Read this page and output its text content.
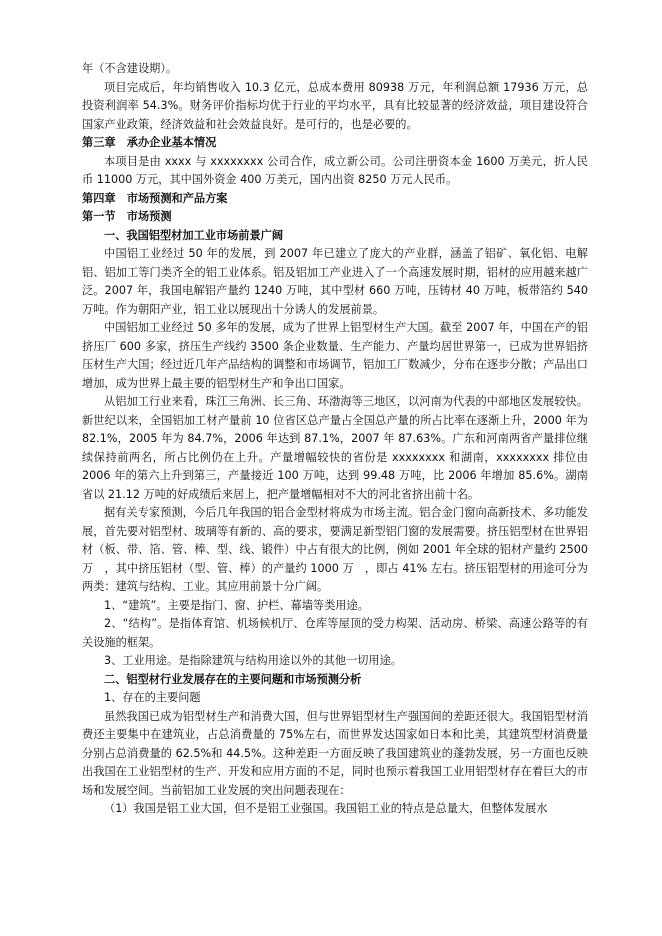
年（不含建设期）。

项目完成后，年均销售收入 10.3 亿元，总成本费用 80938 万元，年利润总额 17936 万元，总投资利润率 54.3%。财务评价指标均优于行业的平均水平，具有比较显著的经济效益，项目建设符合国家产业政策，经济效益和社会效益良好。是可行的，也是必要的。

第三章　承办企业基本情况

本项目是由 xxxx 与 xxxxxxxx 公司合作，成立新公司。公司注册资本金 1600 万美元，折人民币 11000 万元，其中国外资金 400 万美元，国内出资 8250 万元人民币。

第四章　市场预测和产品方案

第一节　市场预测

一、我国铝型材加工业市场前景广阔

中国铝工业经过 50 年的发展，到 2007 年已建立了庞大的产业群，涵盖了铝矿、氧化铝、电解铝、铝加工等门类齐全的铝工业体系。铝及铝加工产业进入了一个高速发展时期，铝材的应用越来越广泛。2007 年，我国电解铝产量约 1240 万吨，其中型材 660 万吨，压铸材 40 万吨，板带箔约 540 万吨。作为朝阳产业，铝工业以展现出十分诱人的发展前景。

中国铝加工业经过 50 多年的发展，成为了世界上铝型材生产大国。截至 2007 年，中国在产的铝挤压厂 600 多家，挤压生产线约 3500 条企业数量、生产能力、产量均居世界第一，已成为世界铝挤压材生产大国；经过近几年产品结构的调整和市场调节，铝加工厂数减少，分布在逐步分散；产品出口增加，成为世界上最主要的铝型材生产和争出口国家。

从铝加工行业来看，珠江三角洲、长三角、环渤海等三地区，以河南为代表的中部地区发展较快。新世纪以来，全国铝加工材产量前 10 位省区总产量占全国总产量的所占比率在逐渐上升，2000 年为 82.1%，2005 年为 84.7%，2006 年达到 87.1%，2007 年 87.63%。广东和河南两省产量排位继续保持前两名，所占比例仍在上升。产量增幅较快的省份是 xxxxxxxx 和湖南，xxxxxxxx 排位由 2006 年的第六上升到第三，产量接近 100 万吨，达到 99.48 万吨，比 2006 年增加 85.6%。湖南省以 21.12 万吨的好成绩后来居上，把产量增幅相对不大的河北省挤出前十名。

据有关专家预测，今后几年我国的铝合金型材将成为市场主流。铝合金门窗向高新技术、多功能发展，首先要对铝型材、玻璃等有新的、高的要求，要满足新型铝门窗的发展需要。挤压铝型材在世界铝材（板、带、箔、管、棒、型、线、锻件）中占有很大的比例，例如 2001 年全球的铝材产量约 2500 万　，其中挤压铝材（型、管、棒）的产量约 1000 万　，即占 41% 左右。挤压铝型材的用途可分为两类：建筑与结构、工业。其应用前景十分广阔。

1、“建筑”。主要是指门、窗、护栏、幕墙等类用途。

2、“结构”。是指体育馆、机场候机厅、仓库等屋顶的受力构架、活动房、桥梁、高速公路等的有关设施的框架。

3、工业用途。是指除建筑与结构用途以外的其他一切用途。

二、铝型材行业发展存在的主要问题和市场预测分析

1、存在的主要问题

虽然我国已成为铝型材生产和消费大国，但与世界铝型材生产强国间的差距还很大。我国铝型材消费还主要集中在建筑业，占总消费量的 75%左右，而世界发达国家如日本和比美，其建筑型材消费量分别占总消费量的 62.5%和 44.5%。这种差距一方面反映了我国建筑业的蓬勃发展，另一方面也反映出我国在工业铝型材的生产、开发和应用方面的不足，同时也预示着我国工业用铝型材存在着巨大的市场和发展空间。当前铝加工业发展的突出问题表现在：

（1）我国是铝工业大国，但不是铝工业强国。我国铝工业的特点是总量大，但整体发展水
